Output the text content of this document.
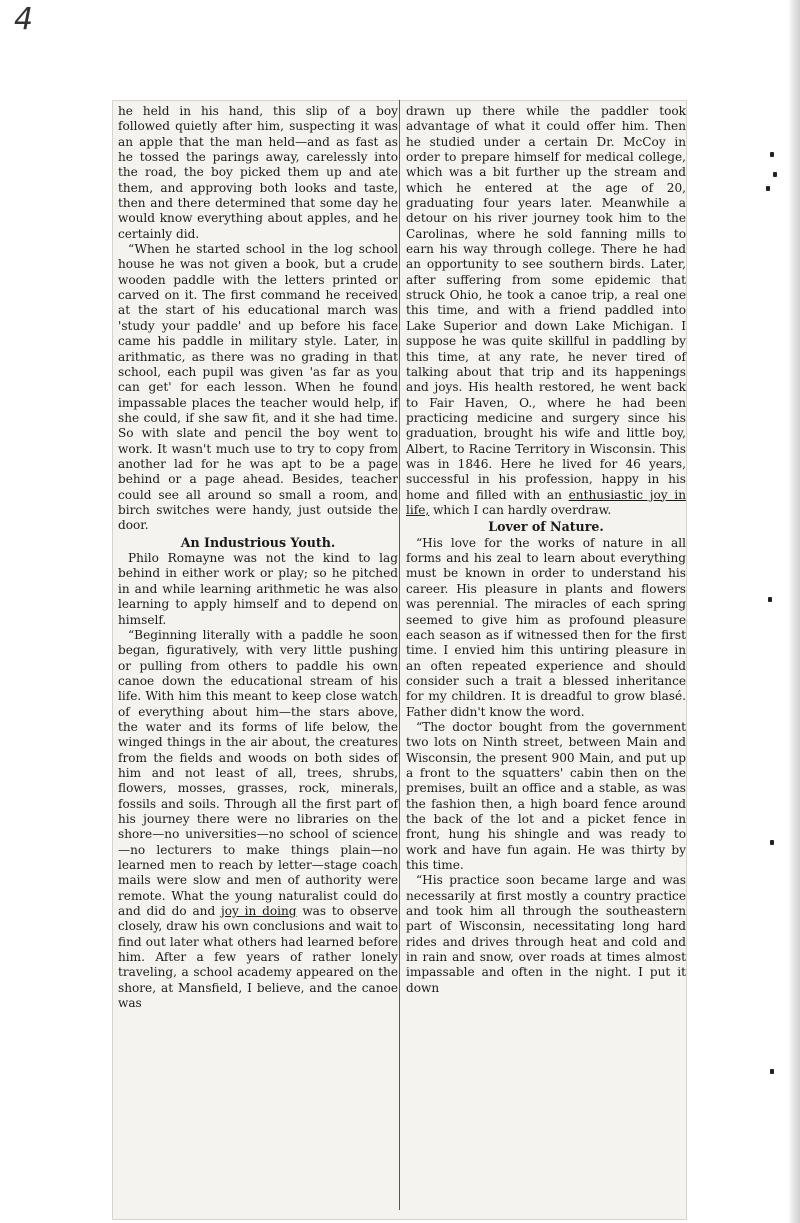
4

he held in his hand, this slip of a boy followed quietly after him, suspecting it was an apple that the man held—and as fast as he tossed the parings away, carelessly into the road, the boy picked them up and ate them, and approving both looks and taste, then and there determined that some day he would know everything about apples, and he certainly did.

“When he started school in the log school house he was not given a book, but a crude wooden paddle with the letters printed or carved on it. The first command he received at the start of his educational march was 'study your paddle' and up before his face came his paddle in military style. Later, in arithmatic, as there was no grading in that school, each pupil was given 'as far as you can get' for each lesson. When he found impassable places the teacher would help, if she could, if she saw fit, and it she had time. So with slate and pencil the boy went to work. It wasn't much use to try to copy from another lad for he was apt to be a page behind or a page ahead. Besides, teacher could see all around so small a room, and birch switches were handy, just outside the door.

An Industrious Youth.

Philo Romayne was not the kind to lag behind in either work or play; so he pitched in and while learning arithmetic he was also learning to apply himself and to depend on himself.

“Beginning literally with a paddle he soon began, figuratively, with very little pushing or pulling from others to paddle his own canoe down the educational stream of his life. With him this meant to keep close watch of everything about him—the stars above, the water and its forms of life below, the winged things in the air about, the creatures from the fields and woods on both sides of him and not least of all, trees, shrubs, flowers, mosses, grasses, rock, minerals, fossils and soils. Through all the first part of his journey there were no libraries on the shore—no universities—no school of science—no lecturers to make things plain—no learned men to reach by letter—stage coach mails were slow and men of authority were remote. What the young naturalist could do and did do and joy in doing was to observe closely, draw his own conclusions and wait to find out later what others had learned before him. After a few years of rather lonely traveling, a school academy appeared on the shore, at Mansfield, I believe, and the canoe was

drawn up there while the paddler took advantage of what it could offer him. Then he studied under a certain Dr. McCoy in order to prepare himself for medical college, which was a bit further up the stream and which he entered at the age of 20, graduating four years later. Meanwhile a detour on his river journey took him to the Carolinas, where he sold fanning mills to earn his way through college. There he had an opportunity to see southern birds. Later, after suffering from some epidemic that struck Ohio, he took a canoe trip, a real one this time, and with a friend paddled into Lake Superior and down Lake Michigan. I suppose he was quite skillful in paddling by this time, at any rate, he never tired of talking about that trip and its happenings and joys. His health restored, he went back to Fair Haven, O., where he had been practicing medicine and surgery since his graduation, brought his wife and little boy, Albert, to Racine Territory in Wisconsin. This was in 1846. Here he lived for 46 years, successful in his profession, happy in his home and filled with an enthusiastic joy in life, which I can hardly overdraw.

Lover of Nature.

“His love for the works of nature in all forms and his zeal to learn about everything must be known in order to understand his career. His pleasure in plants and flowers was perennial. The miracles of each spring seemed to give him as profound pleasure each season as if witnessed then for the first time. I envied him this untiring pleasure in an often repeated experience and should consider such a trait a blessed inheritance for my children. It is dreadful to grow blasé. Father didn't know the word.

“The doctor bought from the government two lots on Ninth street, between Main and Wisconsin, the present 900 Main, and put up a front to the squatters' cabin then on the premises, built an office and a stable, as was the fashion then, a high board fence around the back of the lot and a picket fence in front, hung his shingle and was ready to work and have fun again. He was thirty by this time.

“His practice soon became large and was necessarily at first mostly a country practice and took him all through the southeastern part of Wisconsin, necessitating long hard rides and drives through heat and cold and in rain and snow, over roads at times almost impassable and often in the night. I put it down
